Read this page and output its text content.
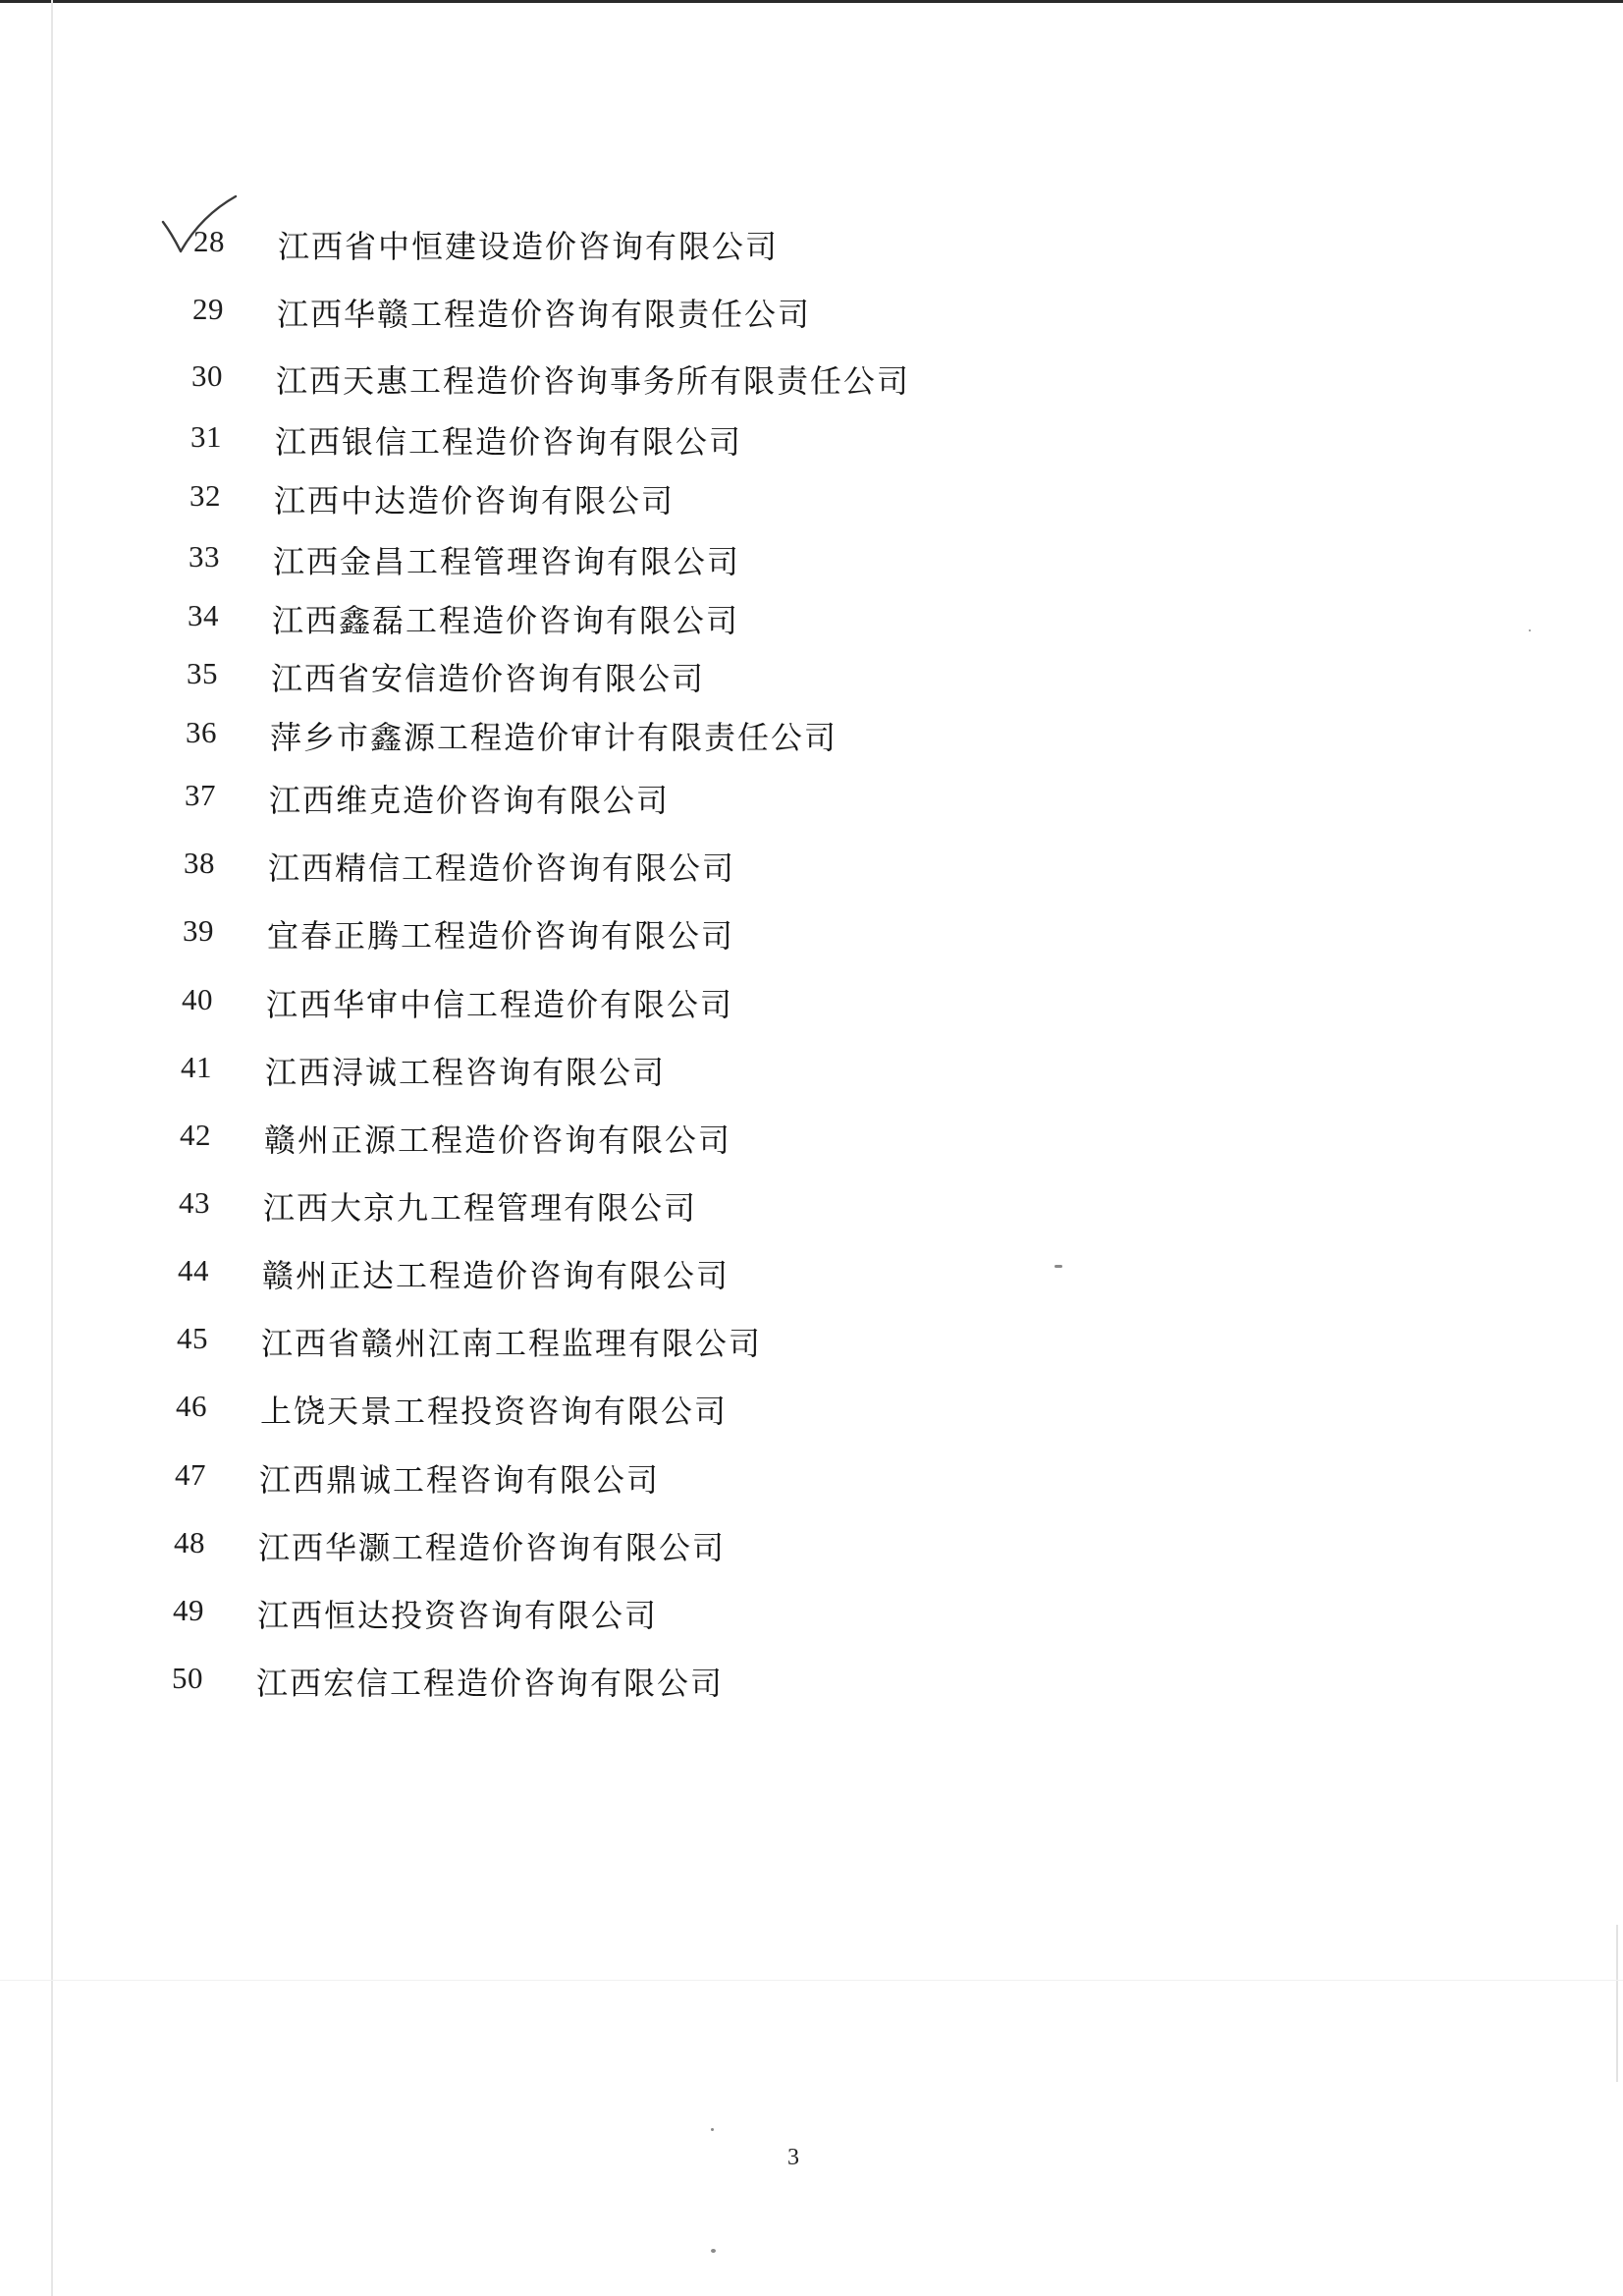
28	江西省中恒建设造价咨询有限公司
29	江西华赣工程造价咨询有限责任公司
30	江西天惠工程造价咨询事务所有限责任公司
31	江西银信工程造价咨询有限公司
32	江西中达造价咨询有限公司
33	江西金昌工程管理咨询有限公司
34	江西鑫磊工程造价咨询有限公司
35	江西省安信造价咨询有限公司
36	萍乡市鑫源工程造价审计有限责任公司
37	江西维克造价咨询有限公司
38	江西精信工程造价咨询有限公司
39	宜春正腾工程造价咨询有限公司
40	江西华审中信工程造价有限公司
41	江西浔诚工程咨询有限公司
42	赣州正源工程造价咨询有限公司
43	江西大京九工程管理有限公司
44	赣州正达工程造价咨询有限公司
45	江西省赣州江南工程监理有限公司
46	上饶天景工程投资咨询有限公司
47	江西鼎诚工程咨询有限公司
48	江西华灏工程造价咨询有限公司
49	江西恒达投资咨询有限公司
50	江西宏信工程造价咨询有限公司
3
